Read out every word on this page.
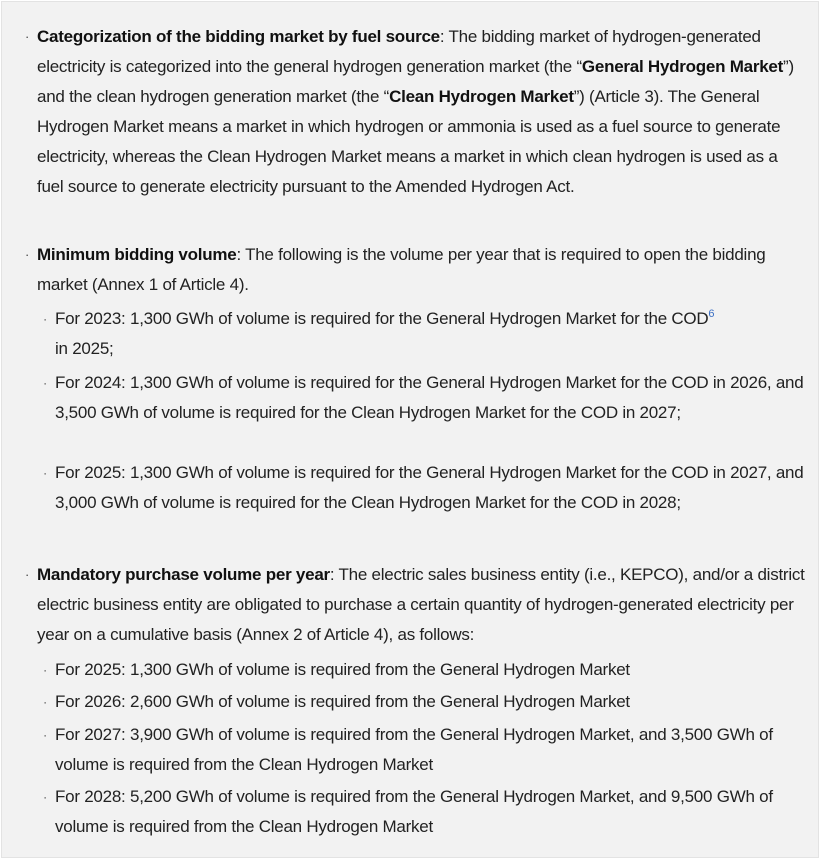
· Categorization of the bidding market by fuel source: The bidding market of hydrogen-generated electricity is categorized into the general hydrogen generation market (the “General Hydrogen Market”) and the clean hydrogen generation market (the “Clean Hydrogen Market”) (Article 3). The General Hydrogen Market means a market in which hydrogen or ammonia is used as a fuel source to generate electricity, whereas the Clean Hydrogen Market means a market in which clean hydrogen is used as a fuel source to generate electricity pursuant to the Amended Hydrogen Act.
· Minimum bidding volume: The following is the volume per year that is required to open the bidding market (Annex 1 of Article 4).
· For 2023: 1,300 GWh of volume is required for the General Hydrogen Market for the COD$^6$
in 2025;
· For 2024: 1,300 GWh of volume is required for the General Hydrogen Market for the COD in 2026, and 3,500 GWh of volume is required for the Clean Hydrogen Market for the COD in 2027;
· For 2025: 1,300 GWh of volume is required for the General Hydrogen Market for the COD in 2027, and 3,000 GWh of volume is required for the Clean Hydrogen Market for the COD in 2028;
· Mandatory purchase volume per year: The electric sales business entity (i.e., KEPCO), and/or a district electric business entity are obligated to purchase a certain quantity of hydrogen-generated electricity per year on a cumulative basis (Annex 2 of Article 4), as follows:
· For 2025: 1,300 GWh of volume is required from the General Hydrogen Market
· For 2026: 2,600 GWh of volume is required from the General Hydrogen Market
· For 2027: 3,900 GWh of volume is required from the General Hydrogen Market, and 3,500 GWh of volume is required from the Clean Hydrogen Market
· For 2028: 5,200 GWh of volume is required from the General Hydrogen Market, and 9,500 GWh of volume is required from the Clean Hydrogen Market
